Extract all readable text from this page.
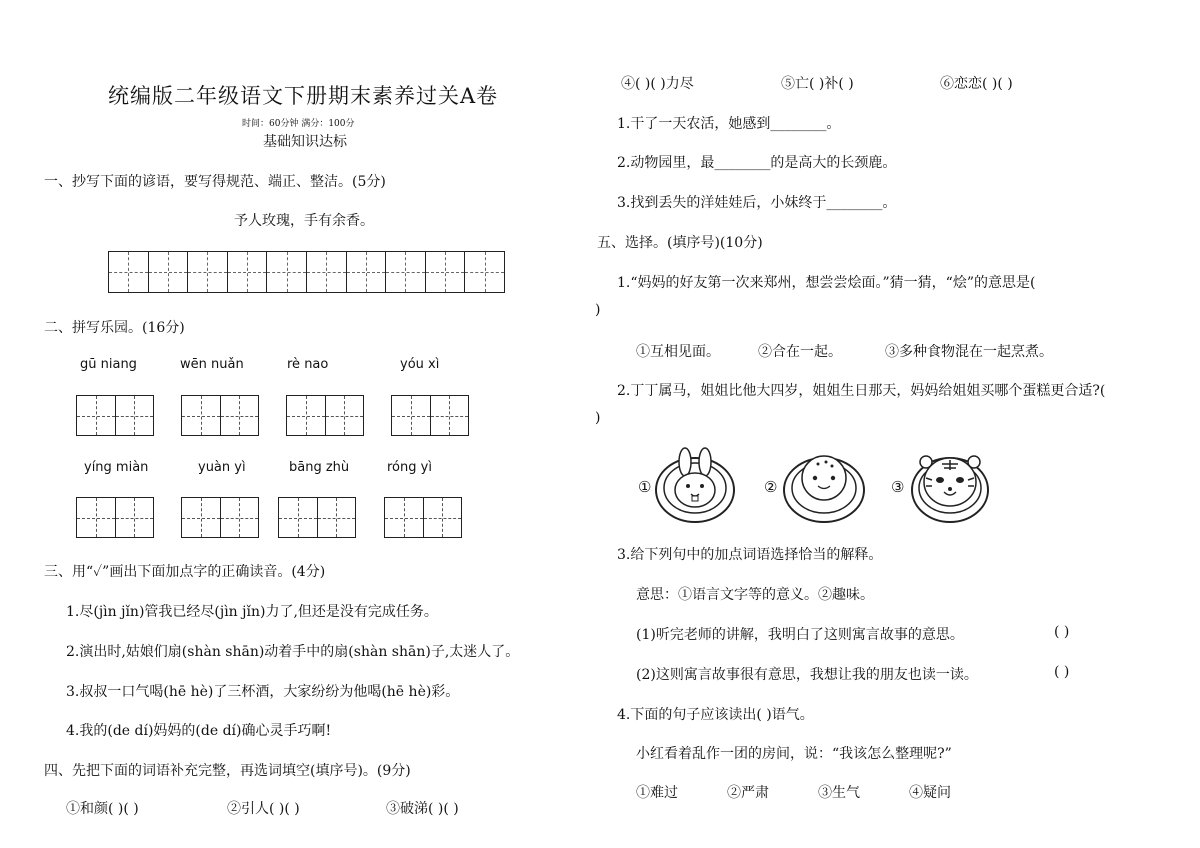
统编版二年级语文下册期末素养过关A卷
时间：60分钟 满分：100分
基础知识达标
一、抄写下面的谚语，要写得规范、端正、整洁。(5分)
予人玫瑰，手有余香。
二、拼写乐园。(16分)
gū niang	wēn nuǎn	rè nao	yóu xì
yíng miàn	yuàn yì	bāng zhù	róng yì
三、用“✓”画出下面加点字的正确读音。(4分)
1.尽(jìn jǐn)管我已经尽(jìn jǐn)力了,但还是没有完成任务。
2.演出时,姑娘们扇(shàn shān)动着手中的扇(shàn shān)子,太迷人了。
3.叔叔一口气喝(hē hè)了三杯酒，大家纷纷为他喝(hē hè)彩。
4.我的(de dí)妈妈的(de dí)确心灵手巧啊!
四、先把下面的词语补充完整，再选词填空(填序号)。(9分)
①和颜( )( )	②引人( )( )	③破涕( )( )
④( )( )力尽	⑤亡( )补( )	⑥恋恋( )( )
1.干了一天农活，她感到________。
2.动物园里，最________的是高大的长颈鹿。
3.找到丢失的洋娃娃后，小妹终于________。
五、选择。(填序号)(10分)
1.“妈妈的好友第一次来郑州，想尝尝烩面。”猜一猜，“烩”的意思是(
)
①互相见面。	②合在一起。	③多种食物混在一起烹煮。
2.丁丁属马，姐姐比他大四岁，姐姐生日那天，妈妈给姐姐买哪个蛋糕更合适?(
)
①	②	③
3.给下列句中的加点词语选择恰当的解释。
意思：①语言文字等的意义。②趣味。
(1)听完老师的讲解，我明白了这则寓言故事的意思。	( )
(2)这则寓言故事很有意思，我想让我的朋友也读一读。	( )
4.下面的句子应该读出( )语气。
小红看着乱作一团的房间，说：“我该怎么整理呢?”
①难过	②严肃	③生气	④疑问
